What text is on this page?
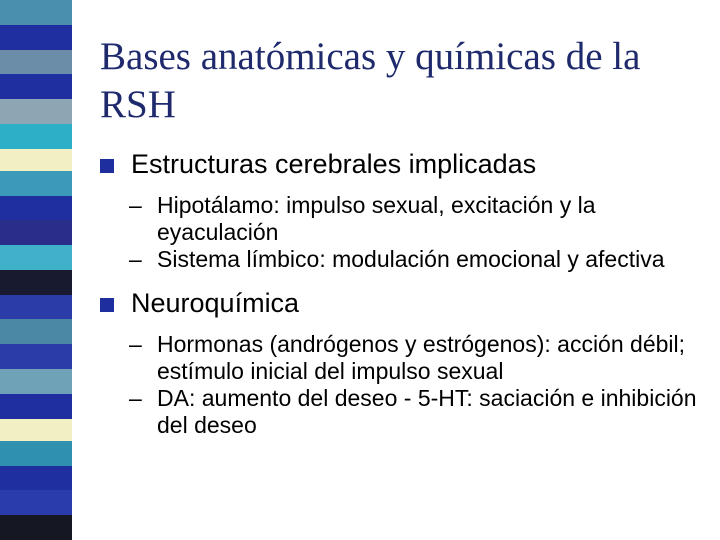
Bases anatómicas y químicas de la RSH
Estructuras cerebrales implicadas
– Hipotálamo: impulso sexual, excitación y la eyaculación
– Sistema límbico: modulación emocional y afectiva
Neuroquímica
– Hormonas (andrógenos y estrógenos): acción débil; estímulo inicial del impulso sexual
– DA: aumento del deseo - 5-HT: saciación e inhibición del deseo
